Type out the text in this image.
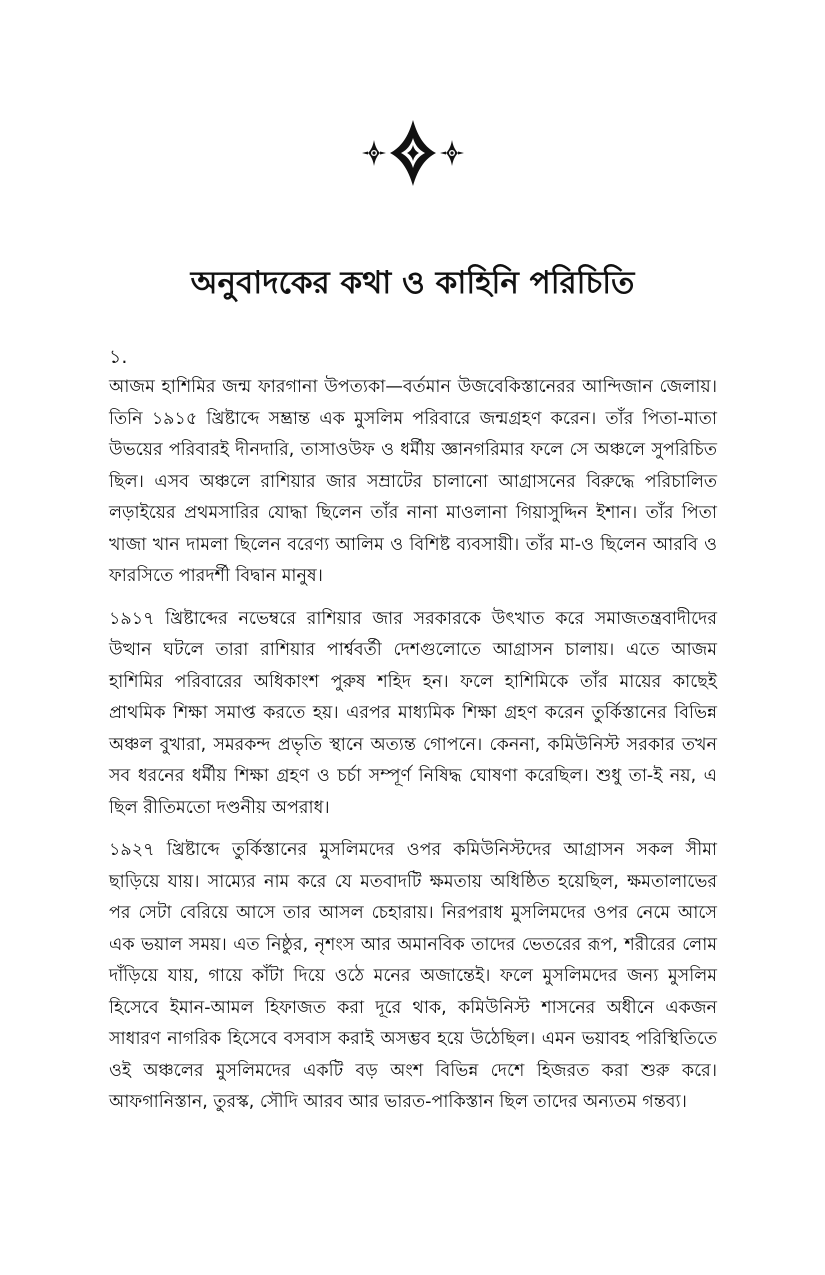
অনুবাদকের কথা ও কাহিনি পরিচিতি
১.

আজম হাশিমির জন্ম ফারগানা উপত্যকা—বর্তমান উজবেকিস্তানেরর আন্দিজান জেলায়। তিনি ১৯১৫ খ্রিষ্টাব্দে সম্ভ্রান্ত এক মুসলিম পরিবারে জন্মগ্রহণ করেন। তাঁর পিতা-মাতা উভয়ের পরিবারই দীনদারি, তাসাওউফ ও ধর্মীয় জ্ঞানগরিমার ফলে সে অঞ্চলে সুপরিচিত ছিল। এসব অঞ্চলে রাশিয়ার জার সম্রাটের চালানো আগ্রাসনের বিরুদ্ধে পরিচালিত লড়াইয়ের প্রথমসারির যোদ্ধা ছিলেন তাঁর নানা মাওলানা গিয়াসুদ্দিন ইশান। তাঁর পিতা খাজা খান দামলা ছিলেন বরেণ্য আলিম ও বিশিষ্ট ব্যবসায়ী। তাঁর মা-ও ছিলেন আরবি ও ফারসিতে পারদর্শী বিদ্বান মানুষ।

১৯১৭ খ্রিষ্টাব্দের নভেম্বরে রাশিয়ার জার সরকারকে উৎখাত করে সমাজতন্ত্রবাদীদের উত্থান ঘটলে তারা রাশিয়ার পার্শ্ববর্তী দেশগুলোতে আগ্রাসন চালায়। এতে আজম হাশিমির পরিবারের অধিকাংশ পুরুষ শহিদ হন। ফলে হাশিমিকে তাঁর মায়ের কাছেই প্রাথমিক শিক্ষা সমাপ্ত করতে হয়। এরপর মাধ্যমিক শিক্ষা গ্রহণ করেন তুর্কিস্তানের বিভিন্ন অঞ্চল বুখারা, সমরকন্দ প্রভৃতি স্থানে অত্যন্ত গোপনে। কেননা, কমিউনিস্ট সরকার তখন সব ধরনের ধর্মীয় শিক্ষা গ্রহণ ও চর্চা সম্পূর্ণ নিষিদ্ধ ঘোষণা করেছিল। শুধু তা-ই নয়, এ ছিল রীতিমতো দণ্ডনীয় অপরাধ।

১৯২৭ খ্রিষ্টাব্দে তুর্কিস্তানের মুসলিমদের ওপর কমিউনিস্টদের আগ্রাসন সকল সীমা ছাড়িয়ে যায়। সাম্যের নাম করে যে মতবাদটি ক্ষমতায় অধিষ্ঠিত হয়েছিল, ক্ষমতালাভের পর সেটা বেরিয়ে আসে তার আসল চেহারায়। নিরপরাধ মুসলিমদের ওপর নেমে আসে এক ভয়াল সময়। এত নিষ্ঠুর, নৃশংস আর অমানবিক তাদের ভেতরের রূপ, শরীরের লোম দাঁড়িয়ে যায়, গায়ে কাঁটা দিয়ে ওঠে মনের অজান্তেই। ফলে মুসলিমদের জন্য মুসলিম হিসেবে ইমান-আমল হিফাজত করা দূরে থাক, কমিউনিস্ট শাসনের অধীনে একজন সাধারণ নাগরিক হিসেবে বসবাস করাই অসম্ভব হয়ে উঠেছিল। এমন ভয়াবহ পরিস্থিতিতে ওই অঞ্চলের মুসলিমদের একটি বড় অংশ বিভিন্ন দেশে হিজরত করা শুরু করে। আফগানিস্তান, তুরস্ক, সৌদি আরব আর ভারত-পাকিস্তান ছিল তাদের অন্যতম গন্তব্য।
